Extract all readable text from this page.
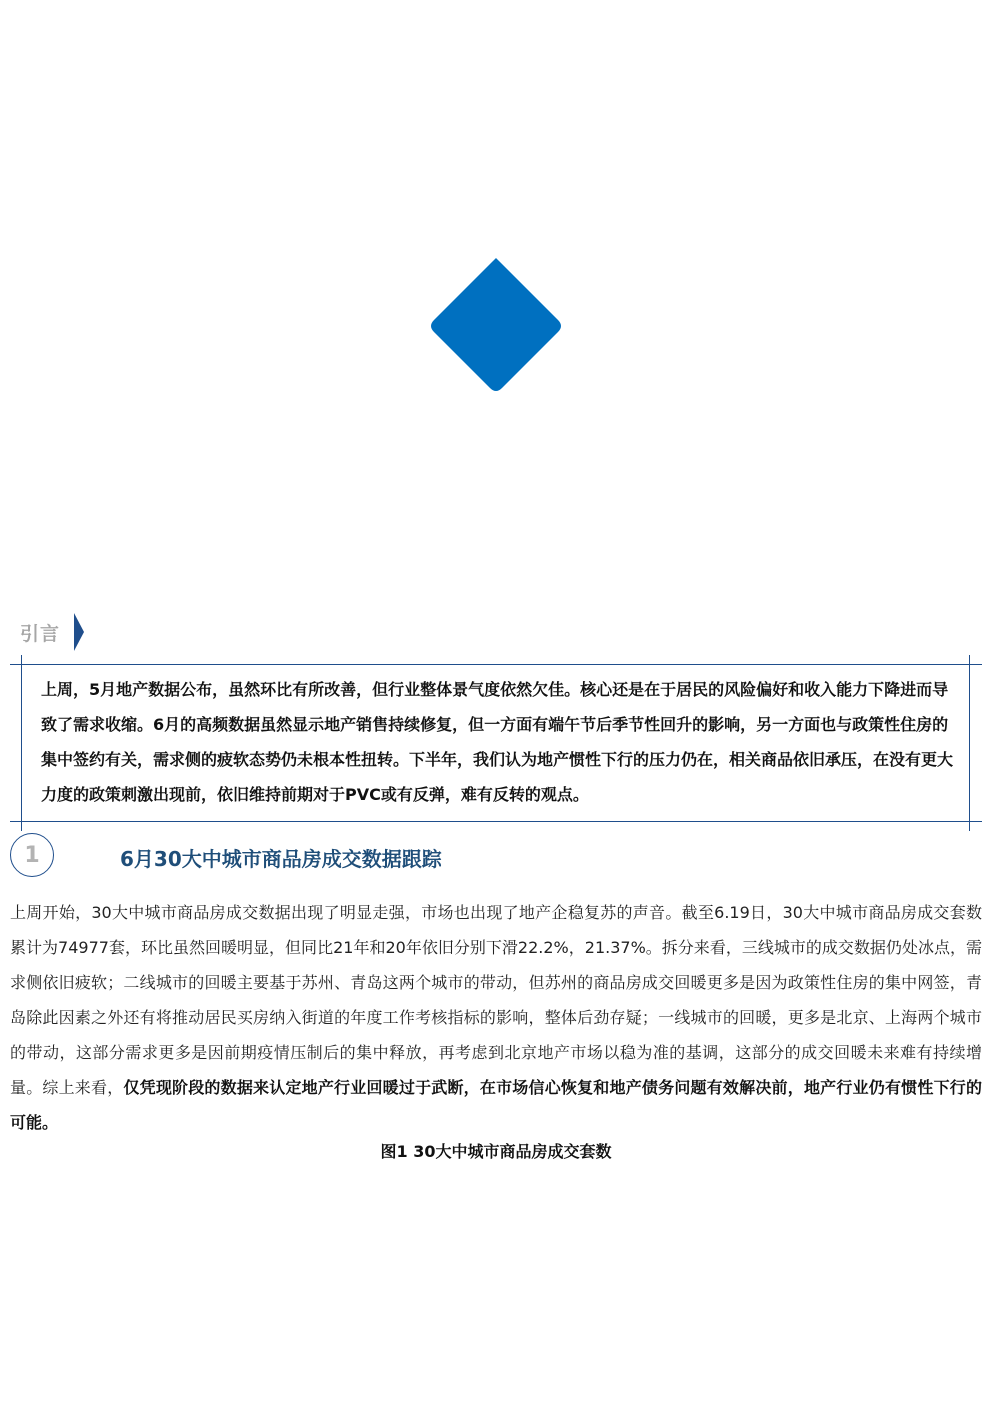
引言

上周，5月地产数据公布，虽然环比有所改善，但行业整体景气度依然欠佳。核心还是在于居民的风险偏好和收入能力下降进而导致了需求收缩。6月的高频数据虽然显示地产销售持续修复，但一方面有端午节后季节性回升的影响，另一方面也与政策性住房的集中签约有关，需求侧的疲软态势仍未根本性扭转。下半年，我们认为地产惯性下行的压力仍在，相关商品依旧承压，在没有更大力度的政策刺激出现前，依旧维持前期对于PVC或有反弹，难有反转的观点。

1	6月30大中城市商品房成交数据跟踪

上周开始，30大中城市商品房成交数据出现了明显走强，市场也出现了地产企稳复苏的声音。截至6.19日，30大中城市商品房成交套数累计为74977套，环比虽然回暖明显，但同比21年和20年依旧分别下滑22.2%，21.37%。拆分来看，三线城市的成交数据仍处冰点，需求侧依旧疲软；二线城市的回暖主要基于苏州、青岛这两个城市的带动，但苏州的商品房成交回暖更多是因为政策性住房的集中网签，青岛除此因素之外还有将推动居民买房纳入街道的年度工作考核指标的影响，整体后劲存疑；一线城市的回暖，更多是北京、上海两个城市的带动，这部分需求更多是因前期疫情压制后的集中释放，再考虑到北京地产市场以稳为准的基调，这部分的成交回暖未来难有持续增量。综上来看，仅凭现阶段的数据来认定地产行业回暖过于武断，在市场信心恢复和地产债务问题有效解决前，地产行业仍有惯性下行的可能。

图1 30大中城市商品房成交套数
